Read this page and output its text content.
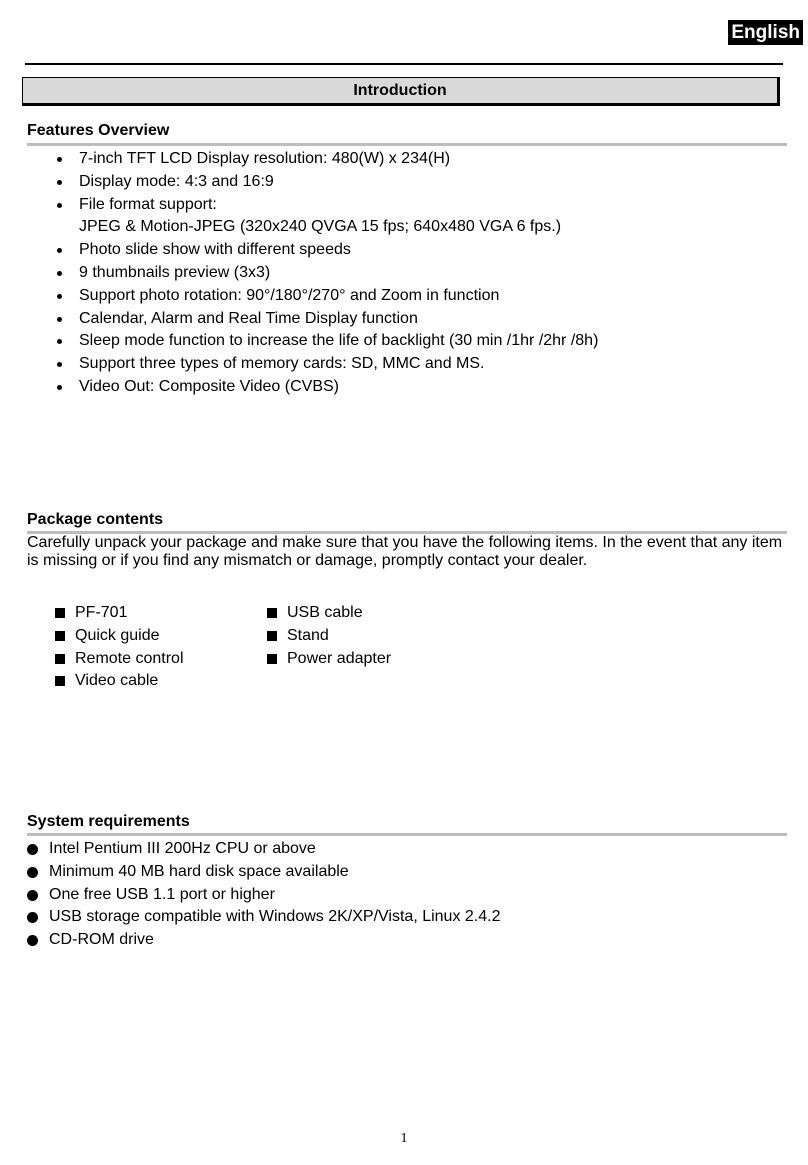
English
Introduction
Features Overview
7-inch TFT LCD Display resolution: 480(W) x 234(H)
Display mode: 4:3 and 16:9
File format support:
JPEG & Motion-JPEG (320x240 QVGA 15 fps; 640x480 VGA 6 fps.)
Photo slide show with different speeds
9 thumbnails preview (3x3)
Support photo rotation: 90°/180°/270° and Zoom in function
Calendar, Alarm and Real Time Display function
Sleep mode function to increase the life of backlight (30 min /1hr /2hr /8h)
Support three types of memory cards: SD, MMC and MS.
Video Out: Composite Video (CVBS)
Package contents
Carefully unpack your package and make sure that you have the following items. In the event that any item is missing or if you find any mismatch or damage, promptly contact your dealer.
PF-701
Quick guide
Remote control
Video cable
USB cable
Stand
Power adapter
System requirements
Intel Pentium III 200Hz CPU or above
Minimum 40 MB hard disk space available
One free USB 1.1 port or higher
USB storage compatible with Windows 2K/XP/Vista, Linux 2.4.2
CD-ROM drive
1
